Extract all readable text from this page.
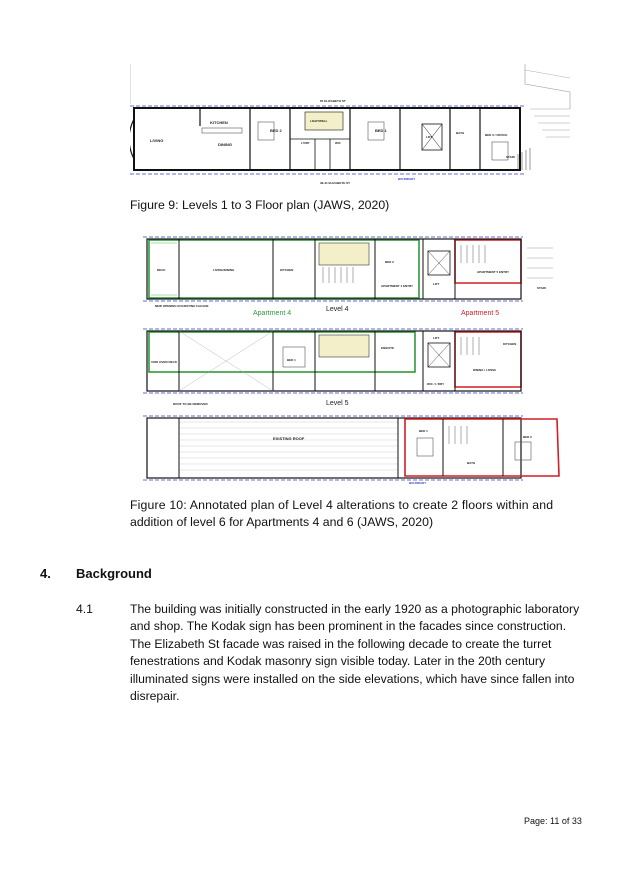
LIVING
KITCHEN
DINING
BED 2
LIGHTWELL
L'DRY	W/C
BED 1
LIFT
BATH	BED 3 / OFFICE
STAIR
87 ELIZABETH ST
39-41 ELIZABETH ST
BOUNDARY
Figure 9: Levels 1 to 3 Floor plan (JAWS, 2020)
DECK	LIVING/DINING	KITCHEN
BED 2
APARTMENT 4 ENTRY	LIFT
APARTMENT 5 ENTRY
STAIR
NEW OPENING IN EXISTING FACADE
Apartment 4
Level 4
Apartment 5
VOID OVER DECK	BED 1
ENSUITE
LIFT
KITCHEN
DINING / LIVING
W/C / L'DRY
ROOF TO BE REMOVED	Level 5
EXISTING ROOF
BED 1
BATH
BED 2
BOUNDARY
Figure 10: Annotated plan of Level 4 alterations to create 2 floors within and
addition of level 6 for Apartments 4 and 6 (JAWS, 2020)
4. Background
4.1	The building was initially constructed in the early 1920 as a photographic laboratory
and shop. The Kodak sign has been prominent in the facades since construction.
The Elizabeth St facade was raised in the following decade to create the turret
fenestrations and Kodak masonry sign visible today. Later in the 20th century
illuminated signs were installed on the side elevations, which have since fallen into
disrepair.
Page: 11 of 33
